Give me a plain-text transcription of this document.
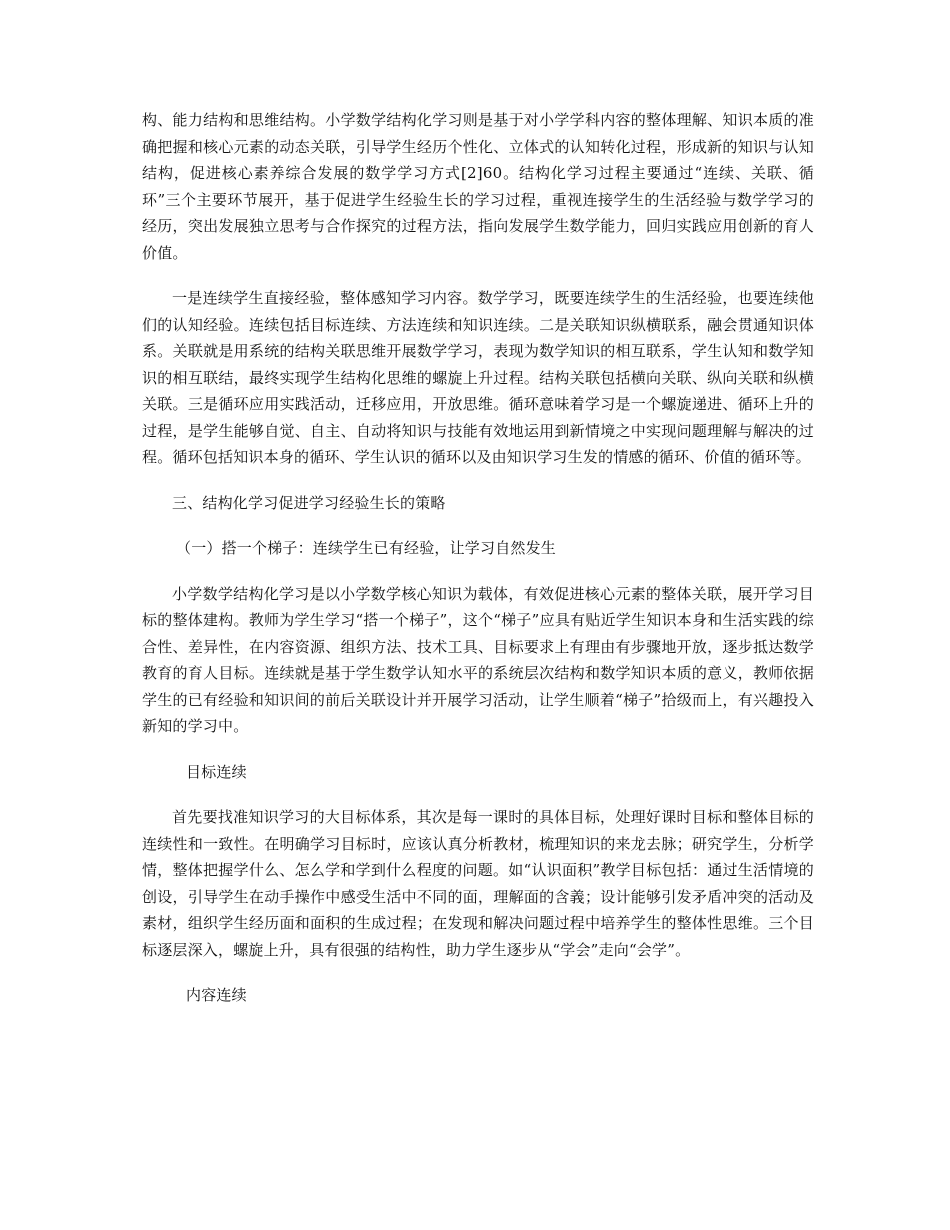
构、能力结构和思维结构。小学数学结构化学习则是基于对小学学科内容的整体理解、知识本质的准确把握和核心元素的动态关联，引导学生经历个性化、立体式的认知转化过程，形成新的知识与认知结构，促进核心素养综合发展的数学学习方式[2]60。结构化学习过程主要通过“连续、关联、循环”三个主要环节展开，基于促进学生经验生长的学习过程，重视连接学生的生活经验与数学学习的经历，突出发展独立思考与合作探究的过程方法，指向发展学生数学能力，回归实践应用创新的育人价值。

一是连续学生直接经验，整体感知学习内容。数学学习，既要连续学生的生活经验，也要连续他们的认知经验。连续包括目标连续、方法连续和知识连续。二是关联知识纵横联系，融会贯通知识体系。关联就是用系统的结构关联思维开展数学学习，表现为数学知识的相互联系，学生认知和数学知识的相互联结，最终实现学生结构化思维的螺旋上升过程。结构关联包括横向关联、纵向关联和纵横关联。三是循环应用实践活动，迁移应用，开放思维。循环意味着学习是一个螺旋递进、循环上升的过程，是学生能够自觉、自主、自动将知识与技能有效地运用到新情境之中实现问题理解与解决的过程。循环包括知识本身的循环、学生认识的循环以及由知识学习生发的情感的循环、价值的循环等。

三、结构化学习促进学习经验生长的策略

（一）搭一个梯子：连续学生已有经验，让学习自然发生

小学数学结构化学习是以小学数学核心知识为载体，有效促进核心元素的整体关联，展开学习目标的整体建构。教师为学生学习“搭一个梯子”，这个“梯子”应具有贴近学生知识本身和生活实践的综合性、差异性，在内容资源、组织方法、技术工具、目标要求上有理由有步骤地开放，逐步抵达数学教育的育人目标。连续就是基于学生数学认知水平的系统层次结构和数学知识本质的意义，教师依据学生的已有经验和知识间的前后关联设计并开展学习活动，让学生顺着“梯子”拾级而上，有兴趣投入新知的学习中。

目标连续

首先要找准知识学习的大目标体系，其次是每一课时的具体目标，处理好课时目标和整体目标的连续性和一致性。在明确学习目标时，应该认真分析教材，梳理知识的来龙去脉；研究学生，分析学情，整体把握学什么、怎么学和学到什么程度的问题。如“认识面积”教学目标包括：通过生活情境的创设，引导学生在动手操作中感受生活中不同的面，理解面的含義；设计能够引发矛盾冲突的活动及素材，组织学生经历面和面积的生成过程；在发现和解决问题过程中培养学生的整体性思维。三个目标逐层深入，螺旋上升，具有很强的结构性，助力学生逐步从“学会”走向“会学”。

内容连续
